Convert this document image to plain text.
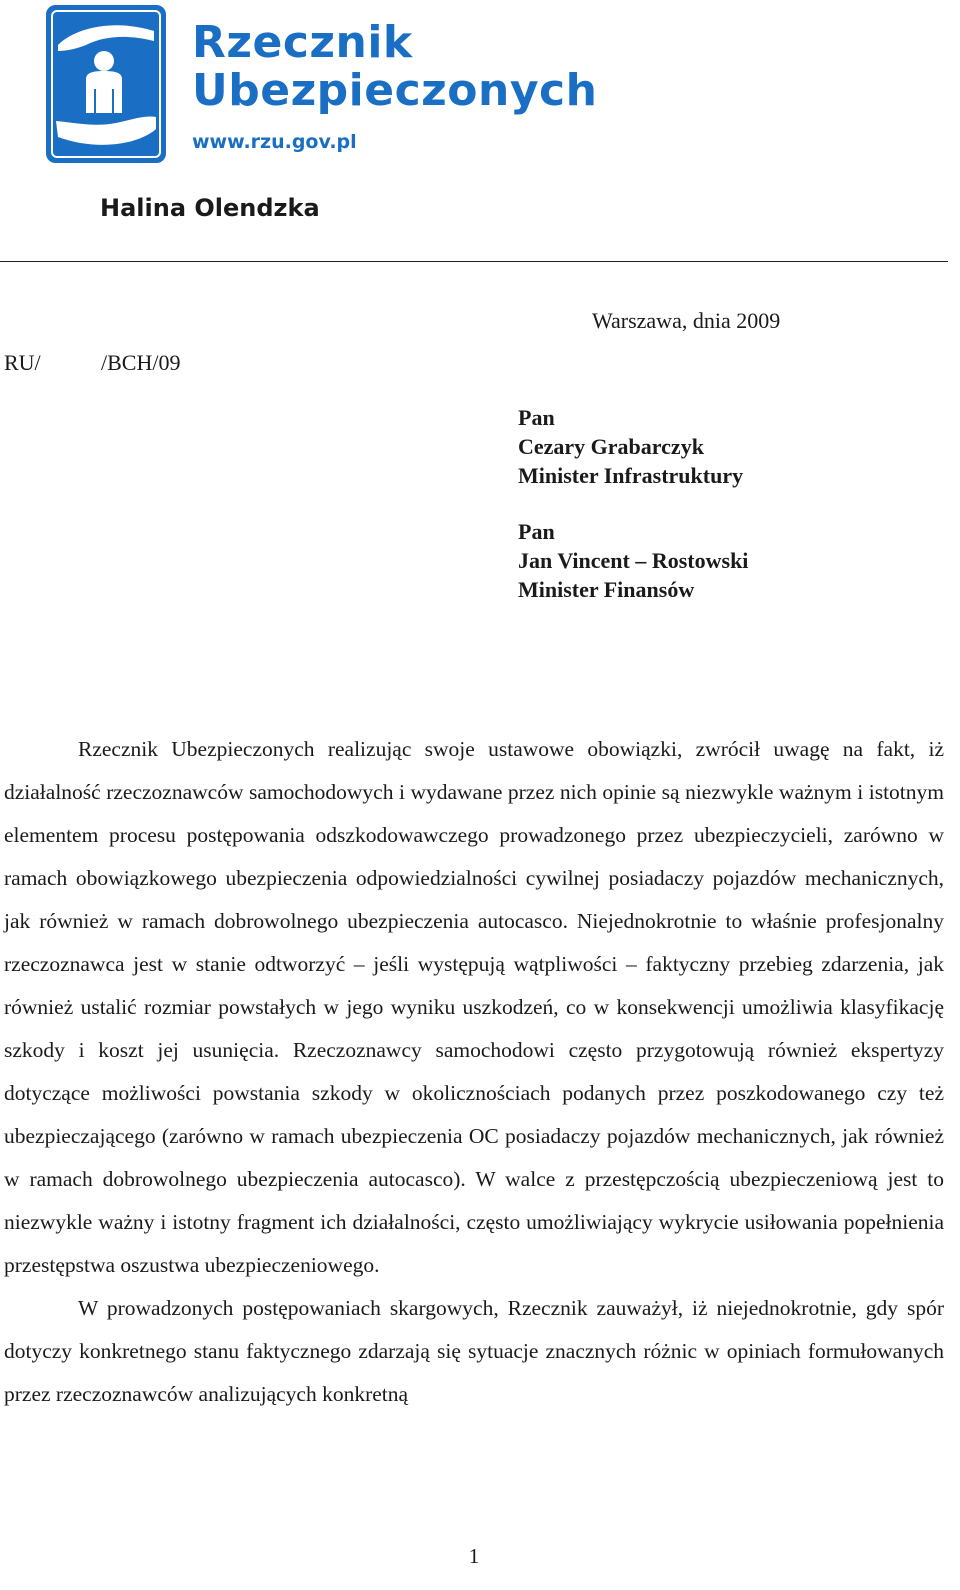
Rzecznik
Ubezpieczonych
www.rzu.gov.pl
Halina Olendzka
Warszawa, dnia 2009
RU/	/BCH/09
Pan
Cezary Grabarczyk
Minister Infrastruktury
Pan
Jan Vincent – Rostowski
Minister Finansów

Rzecznik Ubezpieczonych realizując swoje ustawowe obowiązki, zwrócił uwagę na fakt, iż działalność rzeczoznawców samochodowych i wydawane przez nich opinie są niezwykle ważnym i istotnym elementem procesu postępowania odszkodowawczego prowadzonego przez ubezpieczycieli, zarówno w ramach obowiązkowego ubezpieczenia odpowiedzialności cywilnej posiadaczy pojazdów mechanicznych, jak również w ramach dobrowolnego ubezpieczenia autocasco. Niejednokrotnie to właśnie profesjonalny rzeczoznawca jest w stanie odtworzyć – jeśli występują wątpliwości – faktyczny przebieg zdarzenia, jak również ustalić rozmiar powstałych w jego wyniku uszkodzeń, co w konsekwencji umożliwia klasyfikację szkody i koszt jej usunięcia. Rzeczoznawcy samochodowi często przygotowują również ekspertyzy dotyczące możliwości powstania szkody w okolicznościach podanych przez poszkodowanego czy też ubezpieczającego (zarówno w ramach ubezpieczenia OC posiadaczy pojazdów mechanicznych, jak również w ramach dobrowolnego ubezpieczenia autocasco). W walce z przestępczością ubezpieczeniową jest to niezwykle ważny i istotny fragment ich działalności, często umożliwiający wykrycie usiłowania popełnienia przestępstwa oszustwa ubezpieczeniowego.

W prowadzonych postępowaniach skargowych, Rzecznik zauważył, iż niejednokrotnie, gdy spór dotyczy konkretnego stanu faktycznego zdarzają się sytuacje znacznych różnic w opiniach formułowanych przez rzeczoznawców analizujących konkretną

1
